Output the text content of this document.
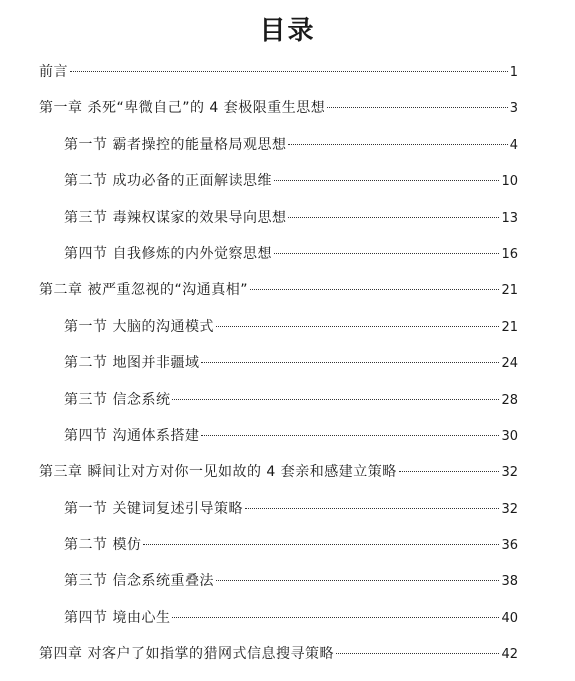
目录
前言	1
第一章 杀死“卑微自己”的 4 套极限重生思想	3
第一节 霸者操控的能量格局观思想	4
第二节 成功必备的正面解读思维	10
第三节 毒辣权谋家的效果导向思想	13
第四节 自我修炼的内外觉察思想	16
第二章 被严重忽视的“沟通真相”	21
第一节 大脑的沟通模式	21
第二节 地图并非疆域	24
第三节 信念系统	28
第四节 沟通体系搭建	30
第三章 瞬间让对方对你一见如故的 4 套亲和感建立策略	32
第一节 关键词复述引导策略	32
第二节 模仿	36
第三节 信念系统重叠法	38
第四节 境由心生	40
第四章 对客户了如指掌的猎网式信息搜寻策略	42
